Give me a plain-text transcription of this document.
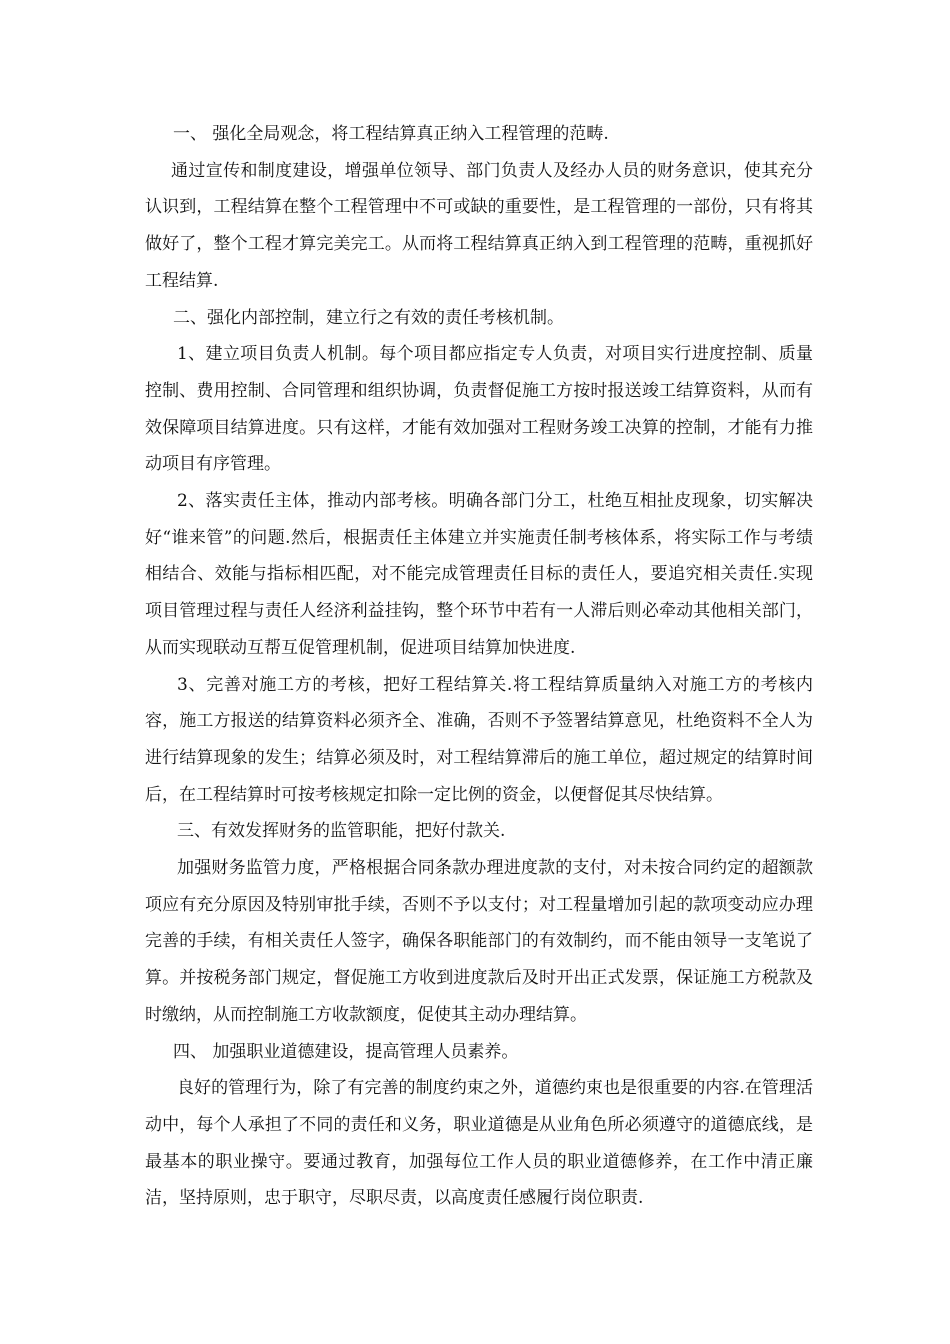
一、 强化全局观念，将工程结算真正纳入工程管理的范畴.

通过宣传和制度建设，增强单位领导、部门负责人及经办人员的财务意识，使其充分认识到，工程结算在整个工程管理中不可或缺的重要性，是工程管理的一部份，只有将其做好了，整个工程才算完美完工。从而将工程结算真正纳入到工程管理的范畴，重视抓好工程结算.

二、强化内部控制，建立行之有效的责任考核机制。

1、建立项目负责人机制。每个项目都应指定专人负责，对项目实行进度控制、质量控制、费用控制、合同管理和组织协调，负责督促施工方按时报送竣工结算资料，从而有效保障项目结算进度。只有这样，才能有效加强对工程财务竣工决算的控制，才能有力推动项目有序管理。

2、落实责任主体，推动内部考核。明确各部门分工，杜绝互相扯皮现象，切实解决好“谁来管”的问题.然后，根据责任主体建立并实施责任制考核体系，将实际工作与考绩相结合、效能与指标相匹配，对不能完成管理责任目标的责任人，要追究相关责任.实现项目管理过程与责任人经济利益挂钩，整个环节中若有一人滞后则必牵动其他相关部门，从而实现联动互帮互促管理机制，促进项目结算加快进度.

3、完善对施工方的考核，把好工程结算关.将工程结算质量纳入对施工方的考核内容，施工方报送的结算资料必须齐全、准确，否则不予签署结算意见，杜绝资料不全人为进行结算现象的发生；结算必须及时，对工程结算滞后的施工单位，超过规定的结算时间后，在工程结算时可按考核规定扣除一定比例的资金，以便督促其尽快结算。

三、有效发挥财务的监管职能，把好付款关.

加强财务监管力度，严格根据合同条款办理进度款的支付，对未按合同约定的超额款项应有充分原因及特别审批手续，否则不予以支付；对工程量增加引起的款项变动应办理完善的手续，有相关责任人签字，确保各职能部门的有效制约，而不能由领导一支笔说了算。并按税务部门规定，督促施工方收到进度款后及时开出正式发票，保证施工方税款及时缴纳，从而控制施工方收款额度，促使其主动办理结算。

四、 加强职业道德建设，提高管理人员素养。

良好的管理行为，除了有完善的制度约束之外，道德约束也是很重要的内容.在管理活动中，每个人承担了不同的责任和义务，职业道德是从业角色所必须遵守的道德底线，是最基本的职业操守。要通过教育，加强每位工作人员的职业道德修养，在工作中清正廉洁，坚持原则，忠于职守，尽职尽责，以高度责任感履行岗位职责.
